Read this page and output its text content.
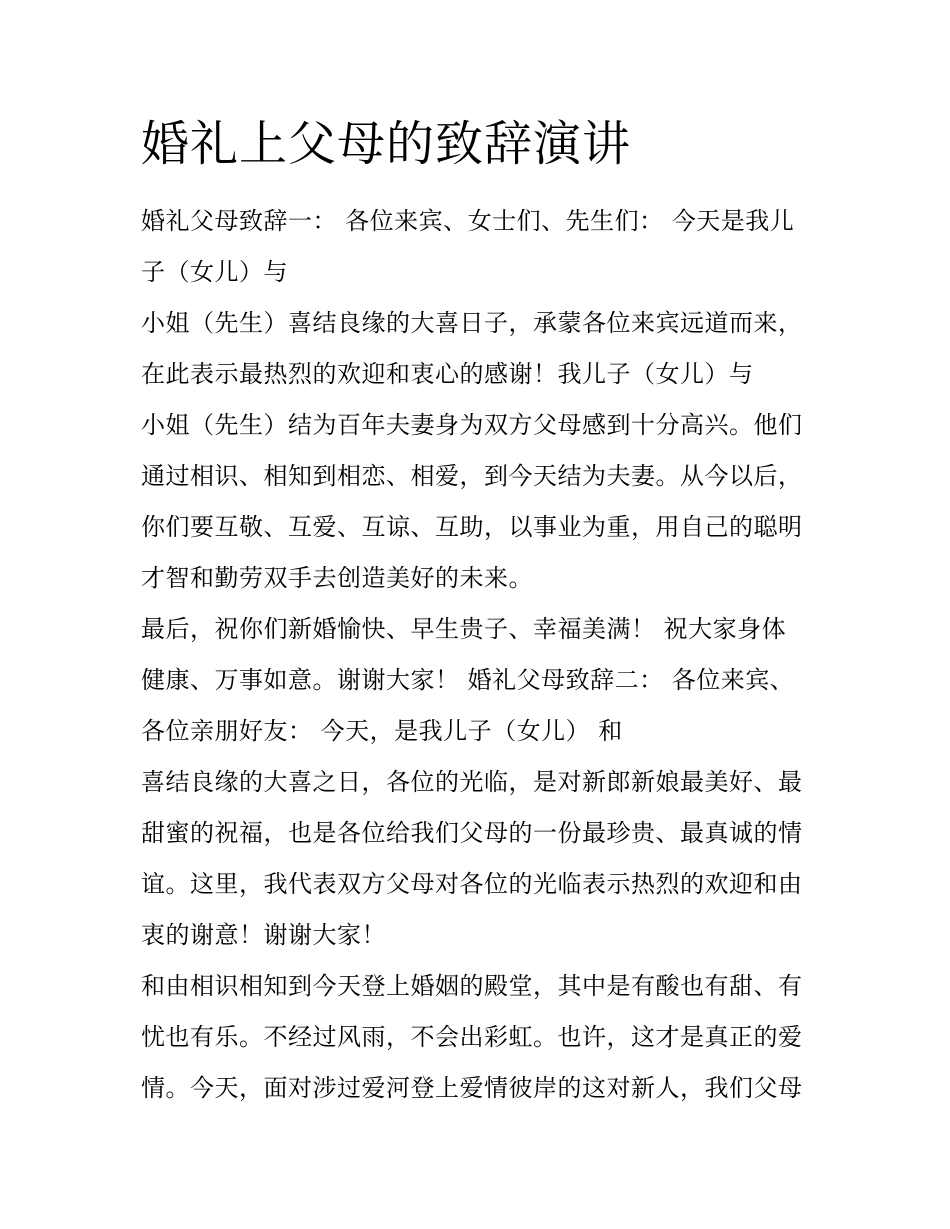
婚礼上父母的致辞演讲

婚礼父母致辞一： 各位来宾、女士们、先生们： 今天是我儿

子（女儿）与

小姐（先生）喜结良缘的大喜日子，承蒙各位来宾远道而来，

在此表示最热烈的欢迎和衷心的感谢！我儿子（女儿）与

小姐（先生）结为百年夫妻身为双方父母感到十分高兴。他们

通过相识、相知到相恋、相爱，到今天结为夫妻。从今以后，

你们要互敬、互爱、互谅、互助，以事业为重，用自己的聪明

才智和勤劳双手去创造美好的未来。

最后，祝你们新婚愉快、早生贵子、幸福美满！ 祝大家身体

健康、万事如意。谢谢大家！ 婚礼父母致辞二： 各位来宾、

各位亲朋好友： 今天，是我儿子（女儿） 和

喜结良缘的大喜之日，各位的光临，是对新郎新娘最美好、最

甜蜜的祝福，也是各位给我们父母的一份最珍贵、最真诚的情

谊。这里，我代表双方父母对各位的光临表示热烈的欢迎和由

衷的谢意！谢谢大家！

和由相识相知到今天登上婚姻的殿堂，其中是有酸也有甜、有

忧也有乐。不经过风雨，不会出彩虹。也许，这才是真正的爱

情。今天，面对涉过爱河登上爱情彼岸的这对新人，我们父母
